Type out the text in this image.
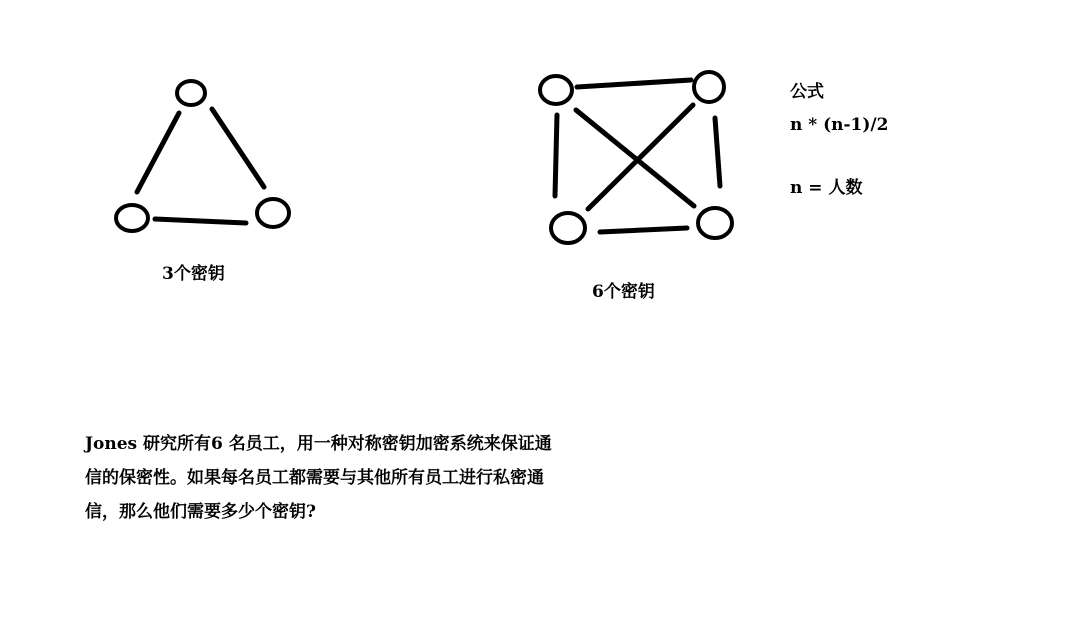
3个密钥
6个密钥
公式
n * (n-1)/2
n = 人数
Jones 研究所有6 名员工，用一种对称密钥加密系统来保证通
信的保密性。如果每名员工都需要与其他所有员工进行私密通
信，那么他们需要多少个密钥?
